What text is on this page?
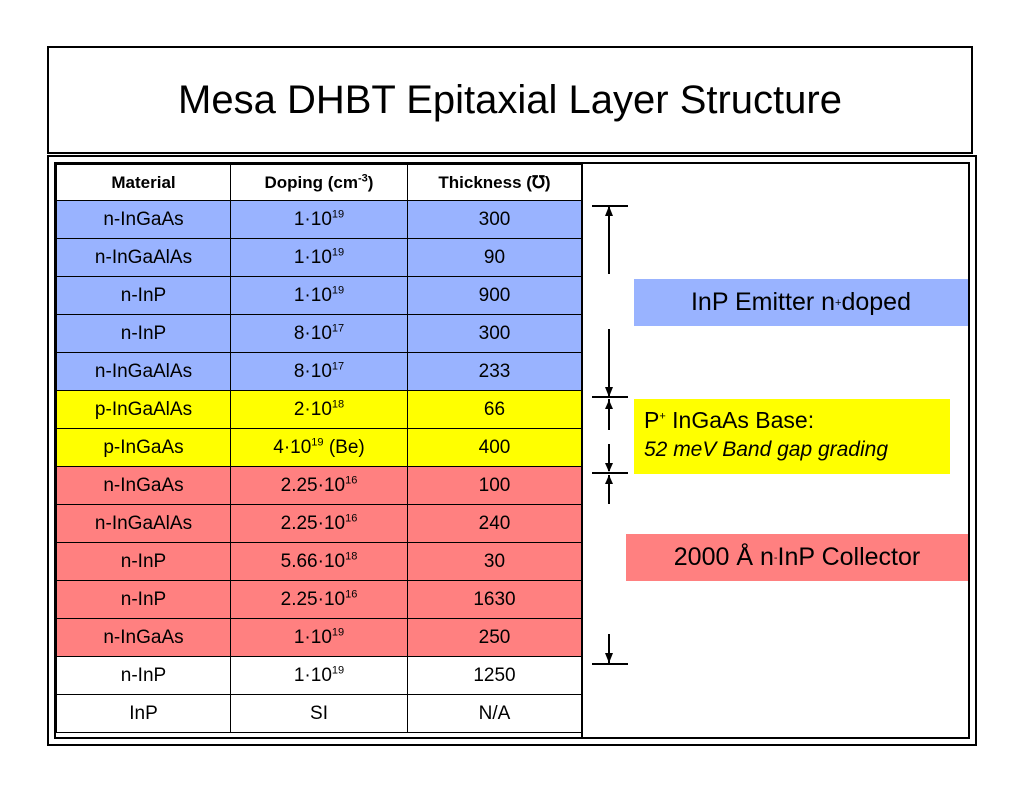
Mesa DHBT Epitaxial Layer Structure
Material	Doping $(cm^{-3})$	Thickness (℧)
n-InGaAs	$1\cdot 10^{19}$	300
n-InGaAlAs	$1\cdot 10^{19}$	90
n-InP	$1\cdot 10^{19}$	900
n-InP	$8\cdot 10^{17}$	300
n-InGaAlAs	$8\cdot 10^{17}$	233
p-InGaAlAs	$2\cdot 10^{18}$	66
p-InGaAs	$4\cdot 10^{19}$ (Be)	400
n-InGaAs	$2.25\cdot 10^{16}$	100
n-InGaAlAs	$2.25\cdot 10^{16}$	240
n-InP	$5.66\cdot 10^{18}$	30
n-InP	$2.25\cdot 10^{16}$	1630
n-InGaAs	$1\cdot 10^{19}$	250
n-InP	$1\cdot 10^{19}$	1250
InP	SI	N/A
InP Emitter n + doped
P+ InGaAs Base:
52 meV Band gap grading
2000 Å n - InP Collector
